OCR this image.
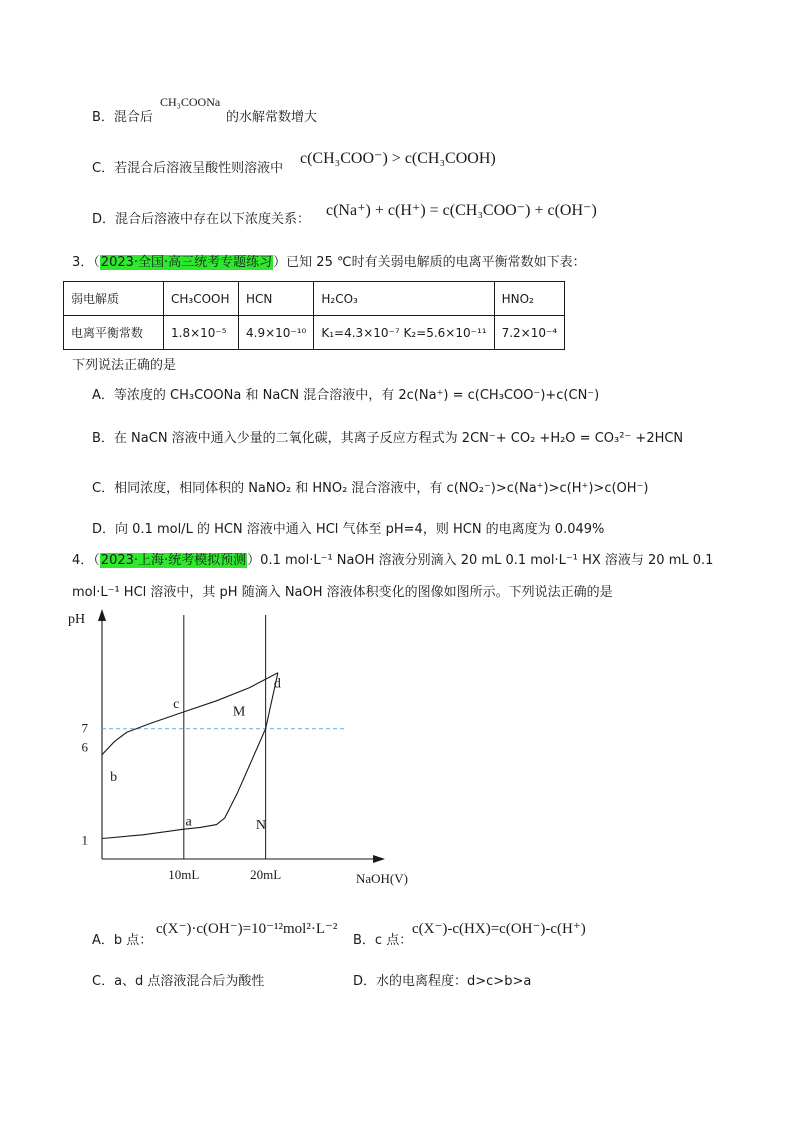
B．混合后
CH₃COONa
的水解常数增大
C．若混合后溶液呈酸性则溶液中
c(CH₃COO⁻) > c(CH₃COOH)
D．混合后溶液中存在以下浓度关系：
c(Na⁺) + c(H⁺) = c(CH₃COO⁻) + c(OH⁻)
3．（2023·全国·高三统考专题练习）已知 25 ℃时有关弱电解质的电离平衡常数如下表：
弱电解质	CH₃COOH	HCN	H₂CO₃	HNO₂
电离平衡常数	1.8×10⁻⁵	4.9×10⁻¹⁰	K₁=4.3×10⁻⁷ K₂=5.6×10⁻¹¹	7.2×10⁻⁴
下列说法正确的是
A．等浓度的 CH₃COONa 和 NaCN 混合溶液中，有 2c(Na⁺) = c(CH₃COO⁻)+c(CN⁻)
B．在 NaCN 溶液中通入少量的二氧化碳，其离子反应方程式为 2CN⁻+ CO₂ +H₂O = CO₃²⁻ +2HCN
C．相同浓度，相同体积的 NaNO₂ 和 HNO₂ 混合溶液中，有 c(NO₂⁻)>c(Na⁺)>c(H⁺)>c(OH⁻)
D．向 0.1 mol/L 的 HCN 溶液中通入 HCl 气体至 pH=4，则 HCN 的电离度为 0.049%
4．（2023·上海·统考模拟预测）0.1 mol·L⁻¹ NaOH 溶液分别滴入 20 mL 0.1 mol·L⁻¹ HX 溶液与 20 mL 0.1
mol·L⁻¹ HCl 溶液中，其 pH 随滴入 NaOH 溶液体积变化的图像如图所示。下列说法正确的是
pH
NaOH(V)
10mL	20mL
1
6
7
b
c	M
d
a	N
A．b 点：
c(X⁻)·c(OH⁻)=10⁻¹²mol²·L⁻²
B．c 点：
c(X⁻)-c(HX)=c(OH⁻)-c(H⁺)
C．a、d 点溶液混合后为酸性	D．水的电离程度：d>c>b>a
